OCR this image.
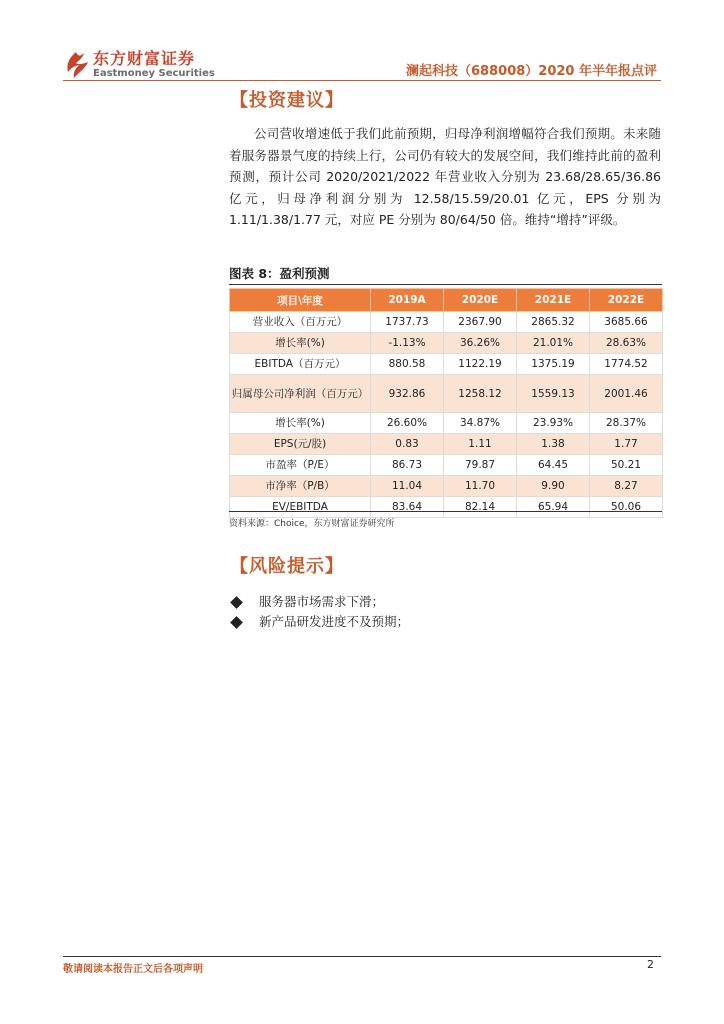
东方财富证券
Eastmoney Securities	澜起科技（688008）2020 年半年报点评
【投资建议】
公司营收增速低于我们此前预期，归母净利润增幅符合我们预期。未来随着服务器景气度的持续上行，公司仍有较大的发展空间，我们维持此前的盈利预测，预计公司 2020/2021/2022 年营业收入分别为 23.68/28.65/36.86 亿元，归母净利润分别为 12.58/15.59/20.01 亿元，EPS 分别为 1.11/1.38/1.77 元，对应 PE 分别为 80/64/50 倍。维持“增持”评级。
图表 8：盈利预测
项目\年度	2019A	2020E	2021E	2022E
营业收入（百万元）	1737.73	2367.90	2865.32	3685.66
增长率(%)	-1.13%	36.26%	21.01%	28.63%
EBITDA（百万元）	880.58	1122.19	1375.19	1774.52
归属母公司净利润（百万元）	932.86	1258.12	1559.13	2001.46
增长率(%)	26.60%	34.87%	23.93%	28.37%
EPS(元/股)	0.83	1.11	1.38	1.77
市盈率（P/E）	86.73	79.87	64.45	50.21
市净率（P/B）	11.04	11.70	9.90	8.27
EV/EBITDA	83.64	82.14	65.94	50.06
资料来源：Choice，东方财富证券研究所
【风险提示】
服务器市场需求下滑；
新产品研发进度不及预期；
敬请阅读本报告正文后各项声明	2
